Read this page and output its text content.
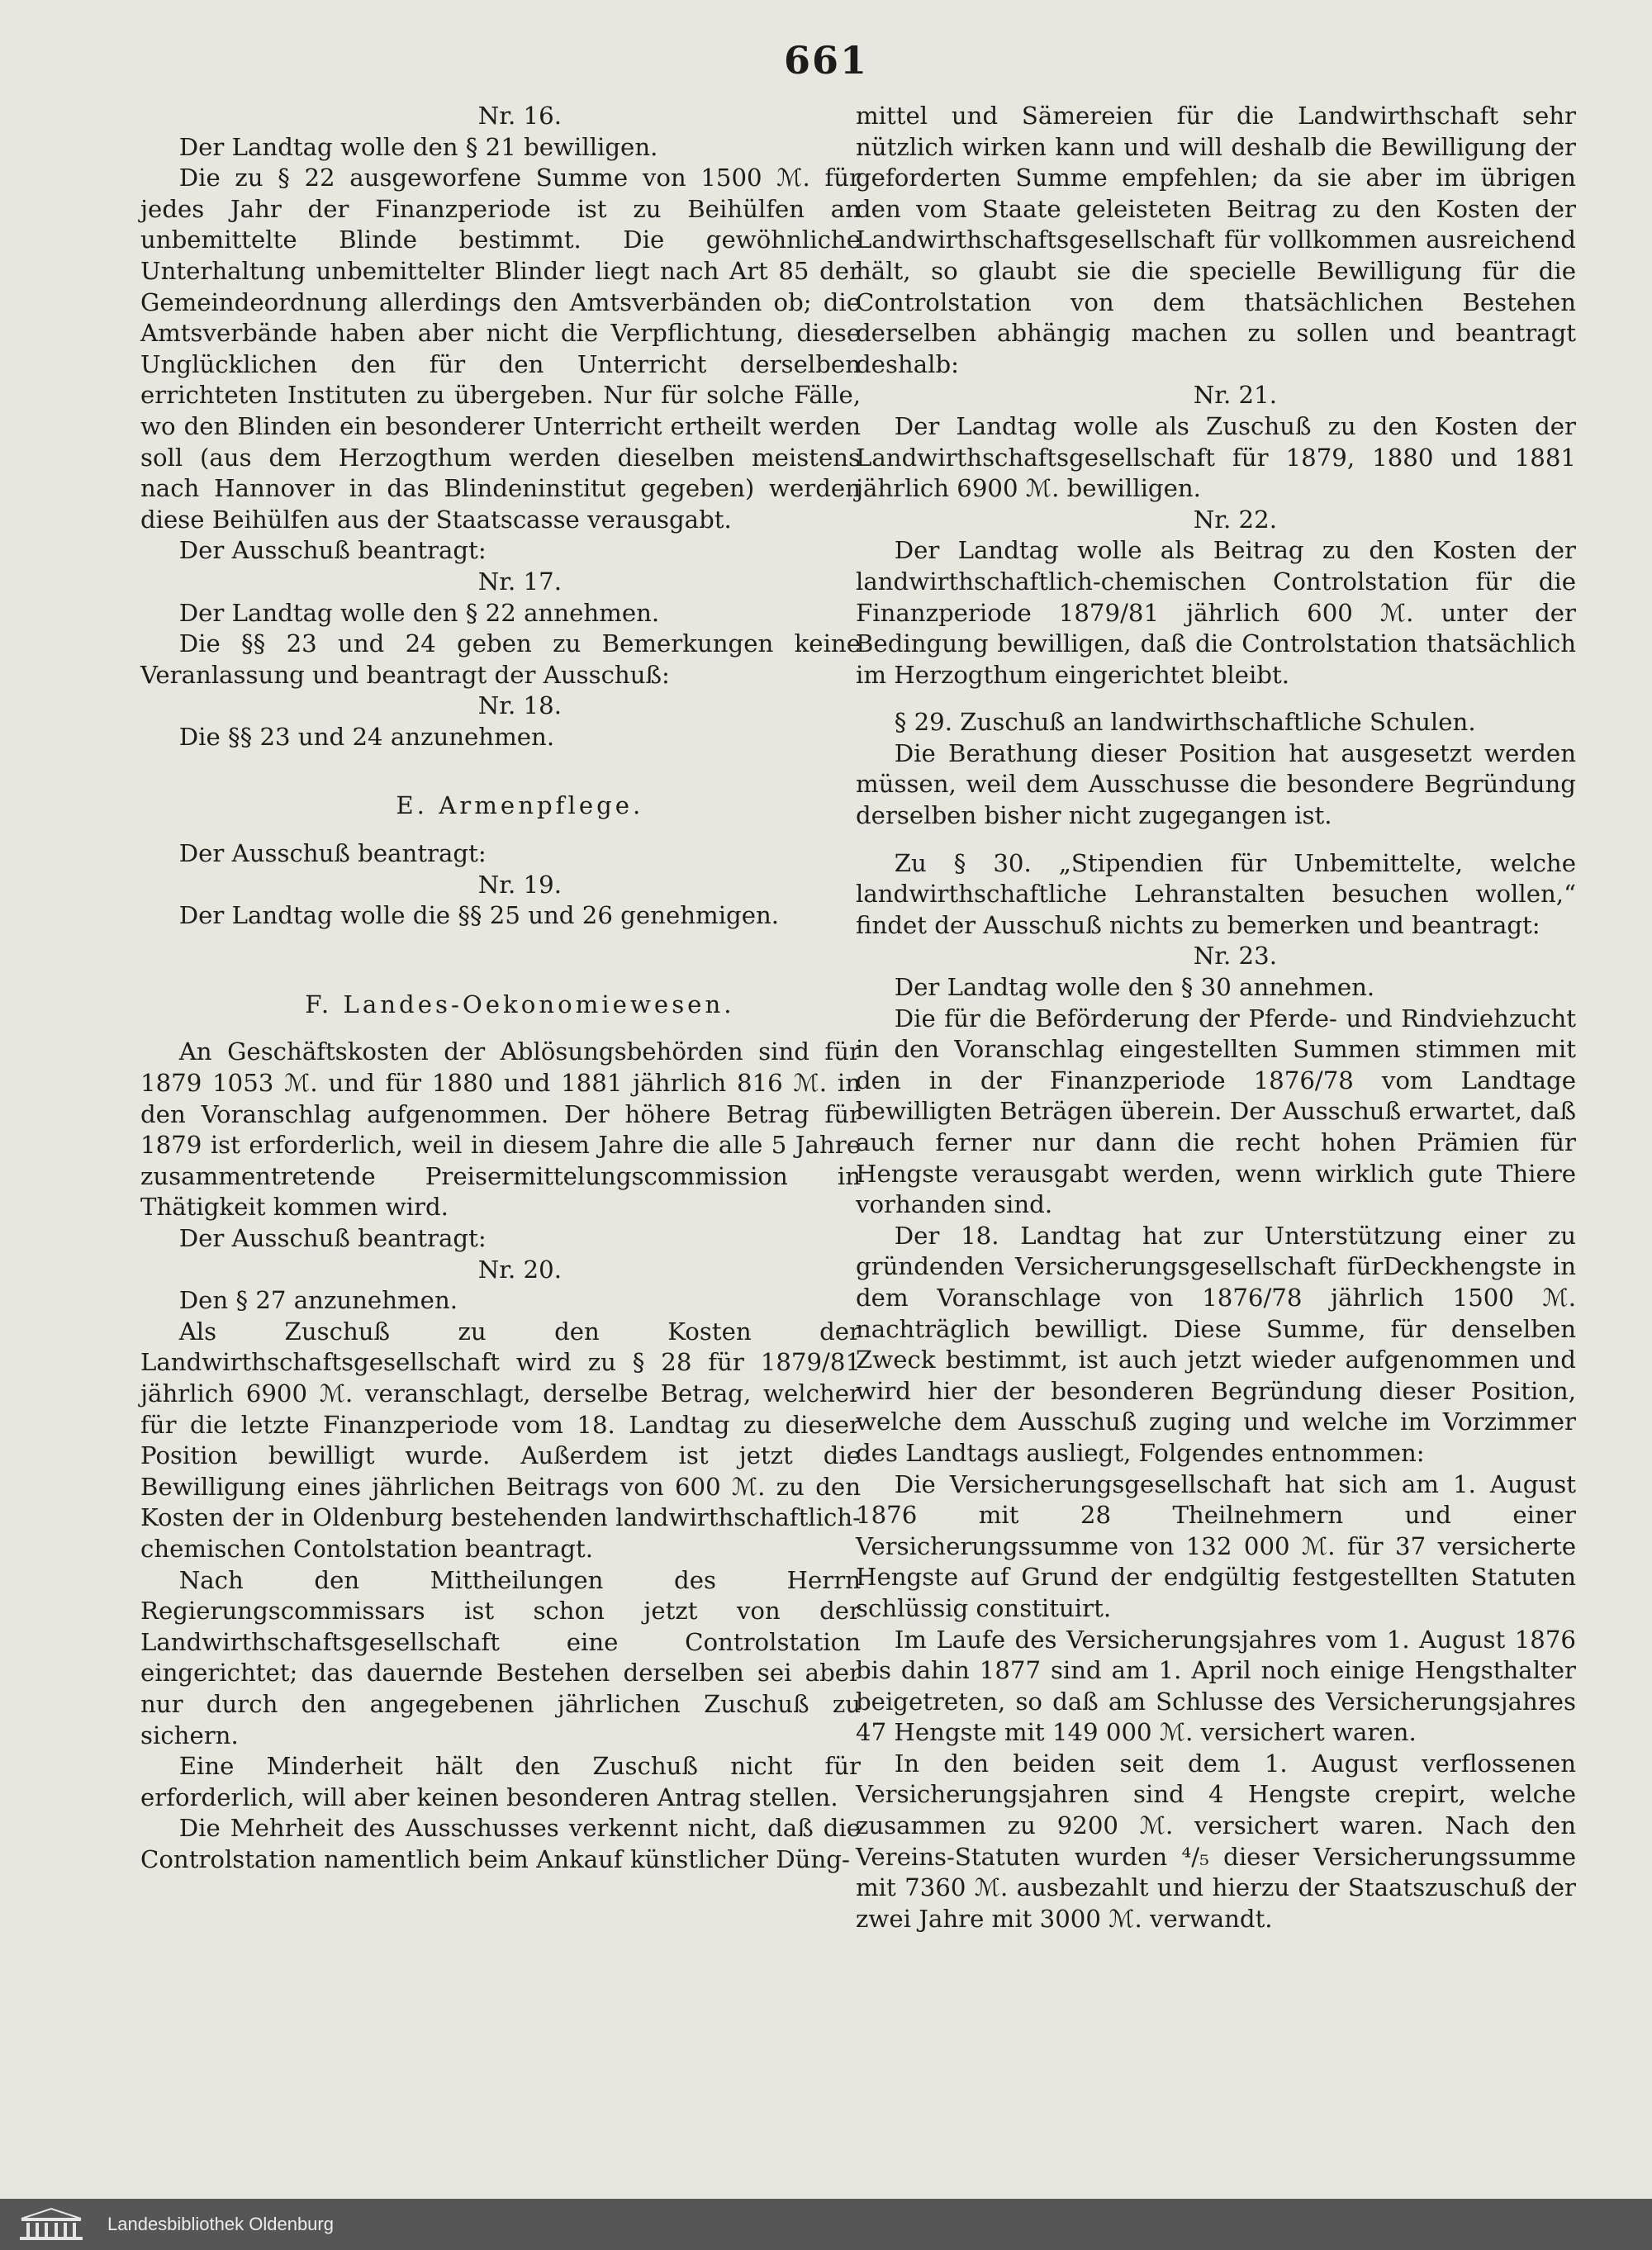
661

Nr. 16.

Der Landtag wolle den § 21 bewilligen.

Die zu § 22 ausgeworfene Summe von 1500 ℳ. für jedes Jahr der Finanzperiode ist zu Beihülfen an unbemittelte Blinde bestimmt. Die gewöhnliche Unterhaltung unbemittelter Blinder liegt nach Art 85 der Gemeindeordnung allerdings den Amtsverbänden ob; die Amtsverbände haben aber nicht die Verpflichtung, diese Unglücklichen den für den Unterricht derselben errichteten Instituten zu übergeben. Nur für solche Fälle, wo den Blinden ein besonderer Unterricht ertheilt werden soll (aus dem Herzogthum werden dieselben meistens nach Hannover in das Blindeninstitut gegeben) werden diese Beihülfen aus der Staatscasse verausgabt.

Der Ausschuß beantragt:

Nr. 17.

Der Landtag wolle den § 22 annehmen.

Die §§ 23 und 24 geben zu Bemerkungen keine Veranlassung und beantragt der Ausschuß:

Nr. 18.

Die §§ 23 und 24 anzunehmen.

E. Armenpflege.

Der Ausschuß beantragt:

Nr. 19.

Der Landtag wolle die §§ 25 und 26 genehmigen.

F. Landes-Oekonomiewesen.

An Geschäftskosten der Ablösungsbehörden sind für 1879 1053 ℳ. und für 1880 und 1881 jährlich 816 ℳ. in den Voranschlag aufgenommen. Der höhere Betrag für 1879 ist erforderlich, weil in diesem Jahre die alle 5 Jahre zusammentretende Preisermittelungscommission in Thätigkeit kommen wird.

Der Ausschuß beantragt:

Nr. 20.

Den § 27 anzunehmen.

Als Zuschuß zu den Kosten der Landwirthschaftsgesellschaft wird zu § 28 für 1879/81 jährlich 6900 ℳ. veranschlagt, derselbe Betrag, welcher für die letzte Finanzperiode vom 18. Landtag zu dieser Position bewilligt wurde. Außerdem ist jetzt die Bewilligung eines jährlichen Beitrags von 600 ℳ. zu den Kosten der in Oldenburg bestehenden landwirthschaftlich-chemischen Contolstation beantragt.

Nach den Mittheilungen des Herrn Regierungscommissars ist schon jetzt von der Landwirthschaftsgesellschaft eine Controlstation eingerichtet; das dauernde Bestehen derselben sei aber nur durch den angegebenen jährlichen Zuschuß zu sichern.

Eine Minderheit hält den Zuschuß nicht für erforderlich, will aber keinen besonderen Antrag stellen.

Die Mehrheit des Ausschusses verkennt nicht, daß die Controlstation namentlich beim Ankauf künstlicher Düng-

mittel und Sämereien für die Landwirthschaft sehr nützlich wirken kann und will deshalb die Bewilligung der geforderten Summe empfehlen; da sie aber im übrigen den vom Staate geleisteten Beitrag zu den Kosten der Landwirthschaftsgesellschaft für vollkommen ausreichend hält, so glaubt sie die specielle Bewilligung für die Controlstation von dem thatsächlichen Bestehen derselben abhängig machen zu sollen und beantragt deshalb:

Nr. 21.

Der Landtag wolle als Zuschuß zu den Kosten der Landwirthschaftsgesellschaft für 1879, 1880 und 1881 jährlich 6900 ℳ. bewilligen.

Nr. 22.

Der Landtag wolle als Beitrag zu den Kosten der landwirthschaftlich-chemischen Controlstation für die Finanzperiode 1879/81 jährlich 600 ℳ. unter der Bedingung bewilligen, daß die Controlstation thatsächlich im Herzogthum eingerichtet bleibt.

§ 29. Zuschuß an landwirthschaftliche Schulen.

Die Berathung dieser Position hat ausgesetzt werden müssen, weil dem Ausschusse die besondere Begründung derselben bisher nicht zugegangen ist.

Zu § 30. „Stipendien für Unbemittelte, welche landwirthschaftliche Lehranstalten besuchen wollen,“ findet der Ausschuß nichts zu bemerken und beantragt:

Nr. 23.

Der Landtag wolle den § 30 annehmen.

Die für die Beförderung der Pferde- und Rindviehzucht in den Voranschlag eingestellten Summen stimmen mit den in der Finanzperiode 1876/78 vom Landtage bewilligten Beträgen überein. Der Ausschuß erwartet, daß auch ferner nur dann die recht hohen Prämien für Hengste verausgabt werden, wenn wirklich gute Thiere vorhanden sind.

Der 18. Landtag hat zur Unterstützung einer zu gründenden Versicherungsgesellschaft fürDeckhengste in dem Voranschlage von 1876/78 jährlich 1500 ℳ. nachträglich bewilligt. Diese Summe, für denselben Zweck bestimmt, ist auch jetzt wieder aufgenommen und wird hier der besonderen Begründung dieser Position, welche dem Ausschuß zuging und welche im Vorzimmer des Landtags ausliegt, Folgendes entnommen:

Die Versicherungsgesellschaft hat sich am 1. August 1876 mit 28 Theilnehmern und einer Versicherungssumme von 132 000 ℳ. für 37 versicherte Hengste auf Grund der endgültig festgestellten Statuten schlüssig constituirt.

Im Laufe des Versicherungsjahres vom 1. August 1876 bis dahin 1877 sind am 1. April noch einige Hengsthalter beigetreten, so daß am Schlusse des Versicherungsjahres 47 Hengste mit 149 000 ℳ. versichert waren.

In den beiden seit dem 1. August verflossenen Versicherungsjahren sind 4 Hengste crepirt, welche zusammen zu 9200 ℳ. versichert waren. Nach den Vereins-Statuten wurden ⁴/₅ dieser Versicherungssumme mit 7360 ℳ. ausbezahlt und hierzu der Staatszuschuß der zwei Jahre mit 3000 ℳ. verwandt.

Landesbibliothek Oldenburg
